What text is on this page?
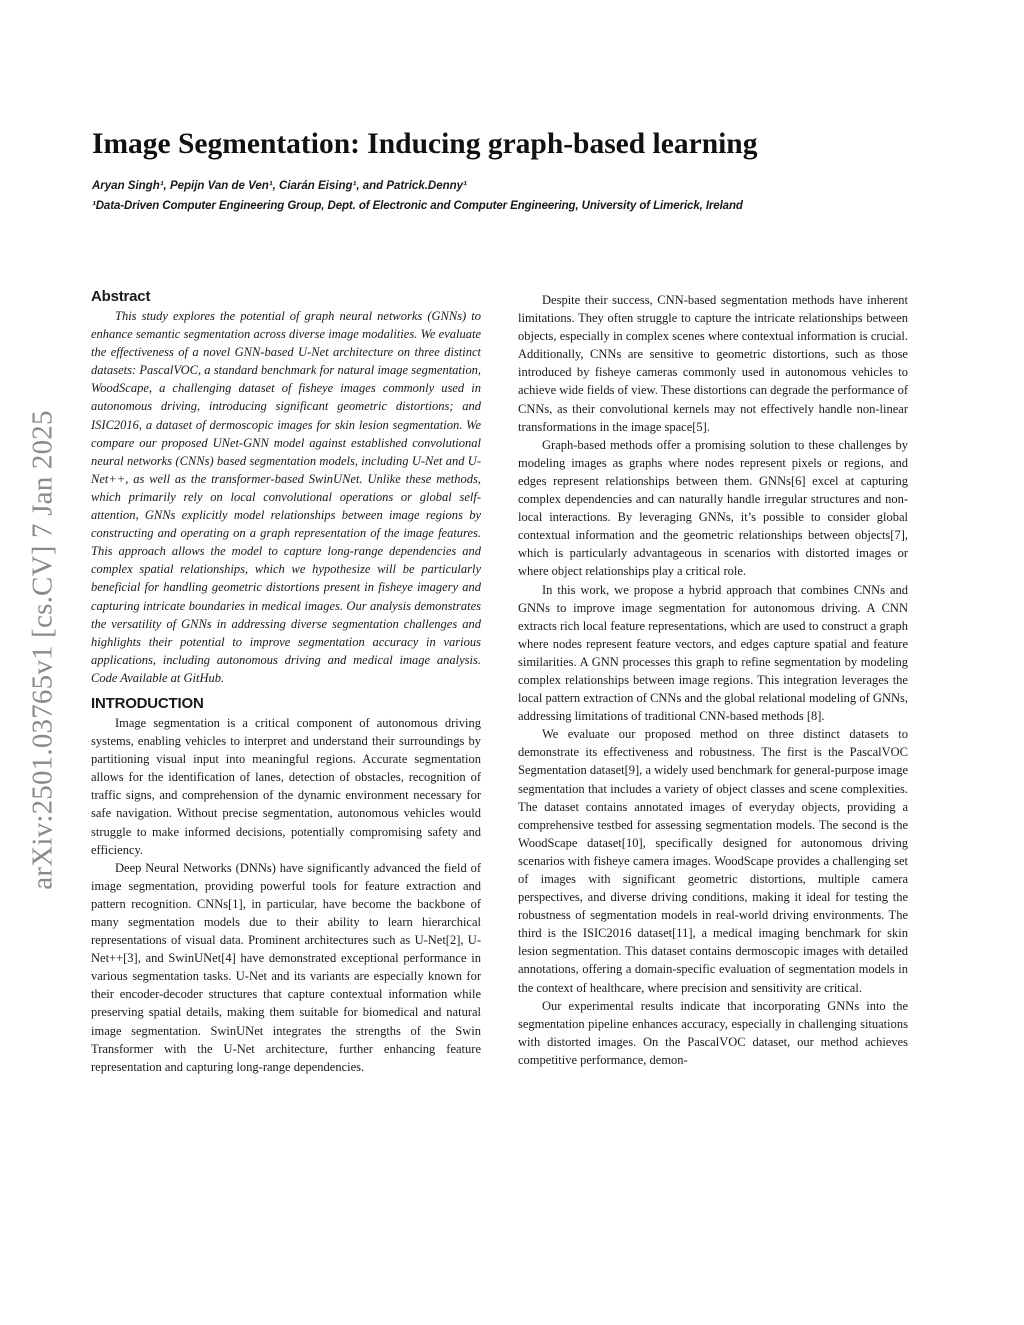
arXiv:2501.03765v1 [cs.CV] 7 Jan 2025
Image Segmentation: Inducing graph-based learning
Aryan Singh¹, Pepijn Van de Ven¹, Ciarán Eising¹, and Patrick.Denny¹
¹Data-Driven Computer Engineering Group, Dept. of Electronic and Computer Engineering, University of Limerick, Ireland
Abstract

This study explores the potential of graph neural networks (GNNs) to enhance semantic segmentation across diverse image modalities. We evaluate the effectiveness of a novel GNN-based U-Net architecture on three distinct datasets: PascalVOC, a standard benchmark for natural image segmentation, WoodScape, a challenging dataset of fisheye images commonly used in autonomous driving, introducing significant geometric distortions; and ISIC2016, a dataset of dermoscopic images for skin lesion segmentation. We compare our proposed UNet-GNN model against established convolutional neural networks (CNNs) based segmentation models, including U-Net and U-Net++, as well as the transformer-based SwinUNet. Unlike these methods, which primarily rely on local convolutional operations or global self-attention, GNNs explicitly model relationships between image regions by constructing and operating on a graph representation of the image features. This approach allows the model to capture long-range dependencies and complex spatial relationships, which we hypothesize will be particularly beneficial for handling geometric distortions present in fisheye imagery and capturing intricate boundaries in medical images. Our analysis demonstrates the versatility of GNNs in addressing diverse segmentation challenges and highlights their potential to improve segmentation accuracy in various applications, including autonomous driving and medical image analysis. Code Available at GitHub.

INTRODUCTION

Image segmentation is a critical component of autonomous driving systems, enabling vehicles to interpret and understand their surroundings by partitioning visual input into meaningful regions. Accurate segmentation allows for the identification of lanes, detection of obstacles, recognition of traffic signs, and comprehension of the dynamic environment necessary for safe navigation. Without precise segmentation, autonomous vehicles would struggle to make informed decisions, potentially compromising safety and efficiency.

Deep Neural Networks (DNNs) have significantly advanced the field of image segmentation, providing powerful tools for feature extraction and pattern recognition. CNNs[1], in particular, have become the backbone of many segmentation models due to their ability to learn hierarchical representations of visual data. Prominent architectures such as U-Net[2], U-Net++[3], and SwinUNet[4] have demonstrated exceptional performance in various segmentation tasks. U-Net and its variants are especially known for their encoder-decoder structures that capture contextual information while preserving spatial details, making them suitable for biomedical and natural image segmentation. SwinUNet integrates the strengths of the Swin Transformer with the U-Net architecture, further enhancing feature representation and capturing long-range dependencies.

Despite their success, CNN-based segmentation methods have inherent limitations. They often struggle to capture the intricate relationships between objects, especially in complex scenes where contextual information is crucial. Additionally, CNNs are sensitive to geometric distortions, such as those introduced by fisheye cameras commonly used in autonomous vehicles to achieve wide fields of view. These distortions can degrade the performance of CNNs, as their convolutional kernels may not effectively handle non-linear transformations in the image space[5].

Graph-based methods offer a promising solution to these challenges by modeling images as graphs where nodes represent pixels or regions, and edges represent relationships between them. GNNs[6] excel at capturing complex dependencies and can naturally handle irregular structures and non-local interactions. By leveraging GNNs, it’s possible to consider global contextual information and the geometric relationships between objects[7], which is particularly advantageous in scenarios with distorted images or where object relationships play a critical role.

In this work, we propose a hybrid approach that combines CNNs and GNNs to improve image segmentation for autonomous driving. A CNN extracts rich local feature representations, which are used to construct a graph where nodes represent feature vectors, and edges capture spatial and feature similarities. A GNN processes this graph to refine segmentation by modeling complex relationships between image regions. This integration leverages the local pattern extraction of CNNs and the global relational modeling of GNNs, addressing limitations of traditional CNN-based methods [8].

We evaluate our proposed method on three distinct datasets to demonstrate its effectiveness and robustness. The first is the PascalVOC Segmentation dataset[9], a widely used benchmark for general-purpose image segmentation that includes a variety of object classes and scene complexities. The dataset contains annotated images of everyday objects, providing a comprehensive testbed for assessing segmentation models. The second is the WoodScape dataset[10], specifically designed for autonomous driving scenarios with fisheye camera images. WoodScape provides a challenging set of images with significant geometric distortions, multiple camera perspectives, and diverse driving conditions, making it ideal for testing the robustness of segmentation models in real-world driving environments. The third is the ISIC2016 dataset[11], a medical imaging benchmark for skin lesion segmentation. This dataset contains dermoscopic images with detailed annotations, offering a domain-specific evaluation of segmentation models in the context of healthcare, where precision and sensitivity are critical.

Our experimental results indicate that incorporating GNNs into the segmentation pipeline enhances accuracy, especially in challenging situations with distorted images. On the PascalVOC dataset, our method achieves competitive performance, demon-
